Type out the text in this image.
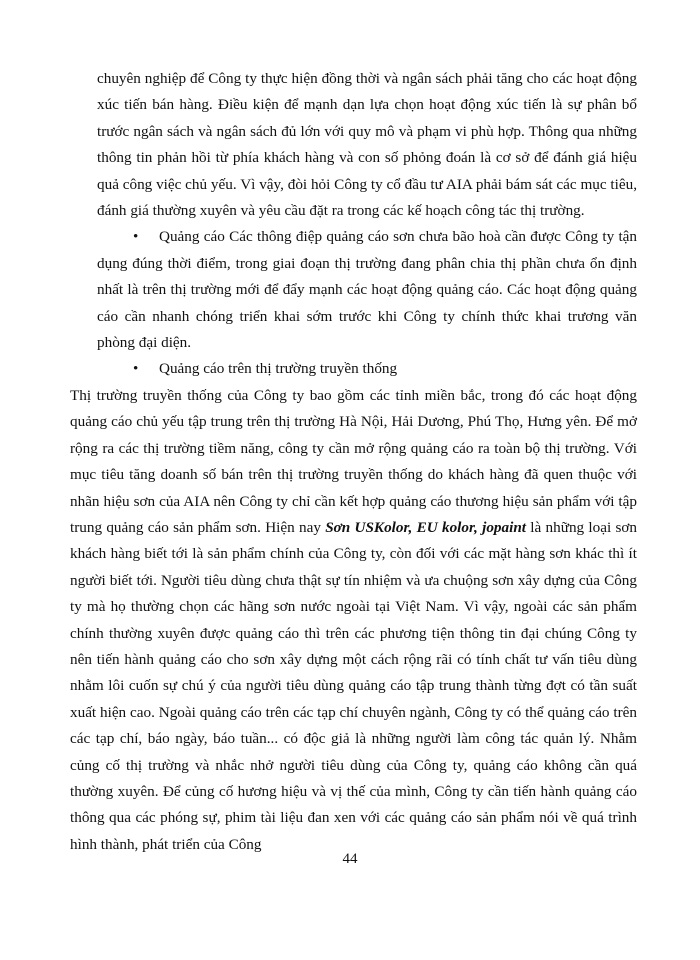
chuyên nghiệp để Công ty thực hiện đồng thời và ngân sách phải tăng cho các hoạt động xúc tiến bán hàng. Điều kiện để mạnh dạn lựa chọn hoạt động xúc tiến là sự phân bổ trước ngân sách và ngân sách đủ lớn với quy mô và phạm vi phù hợp. Thông qua những thông tin phản hồi từ phía khách hàng và con số phỏng đoán là cơ sở để đánh giá hiệu quả công việc chủ yếu. Vì vậy, đòi hỏi Công ty cổ đầu tư AIA phải bám sát các mục tiêu, đánh giá thường xuyên và yêu cầu đặt ra trong các kế hoạch công tác thị trường.

• Quảng cáo Các thông điệp quảng cáo sơn chưa bão hoà cần được Công ty tận dụng đúng thời điểm, trong giai đoạn thị trường đang phân chia thị phần chưa ổn định nhất là trên thị trường mới để đẩy mạnh các hoạt động quảng cáo. Các hoạt động quảng cáo cần nhanh chóng triển khai sớm trước khi Công ty chính thức khai trương văn phòng đại diện.

• Quảng cáo trên thị trường truyền thống

Thị trường truyền thống của Công ty bao gồm các tỉnh miền bắc, trong đó các hoạt động quảng cáo chủ yếu tập trung trên thị trường Hà Nội, Hải Dương, Phú Thọ, Hưng yên. Để mở rộng ra các thị trường tiềm năng, công ty cần mở rộng quảng cáo ra toàn bộ thị trường. Với mục tiêu tăng doanh số bán trên thị trường truyền thống do khách hàng đã quen thuộc với nhãn hiệu sơn của AIA nên Công ty chỉ cần kết hợp quảng cáo thương hiệu sản phẩm với tập trung quảng cáo sản phẩm sơn. Hiện nay Sơn USKolor, EU kolor, jopaint là những loại sơn khách hàng biết tới là sản phẩm chính của Công ty, còn đối với các mặt hàng sơn khác thì ít người biết tới. Người tiêu dùng chưa thật sự tín nhiệm và ưa chuộng sơn xây dựng của Công ty mà họ thường chọn các hãng sơn nước ngoài tại Việt Nam. Vì vậy, ngoài các sản phẩm chính thường xuyên được quảng cáo thì trên các phương tiện thông tin đại chúng Công ty nên tiến hành quảng cáo cho sơn xây dựng một cách rộng rãi có tính chất tư vấn tiêu dùng nhằm lôi cuốn sự chú ý của người tiêu dùng quảng cáo tập trung thành từng đợt có tần suất xuất hiện cao. Ngoài quảng cáo trên các tạp chí chuyên ngành, Công ty có thể quảng cáo trên các tạp chí, báo ngày, báo tuần... có độc giả là những người làm công tác quản lý. Nhằm củng cố thị trường và nhắc nhở người tiêu dùng của Công ty, quảng cáo không cần quá thường xuyên. Để củng cố hương hiệu và vị thế của mình, Công ty cần tiến hành quảng cáo thông qua các phóng sự, phim tài liệu đan xen với các quảng cáo sản phẩm nói về quá trình hình thành, phát triển của Công

44
